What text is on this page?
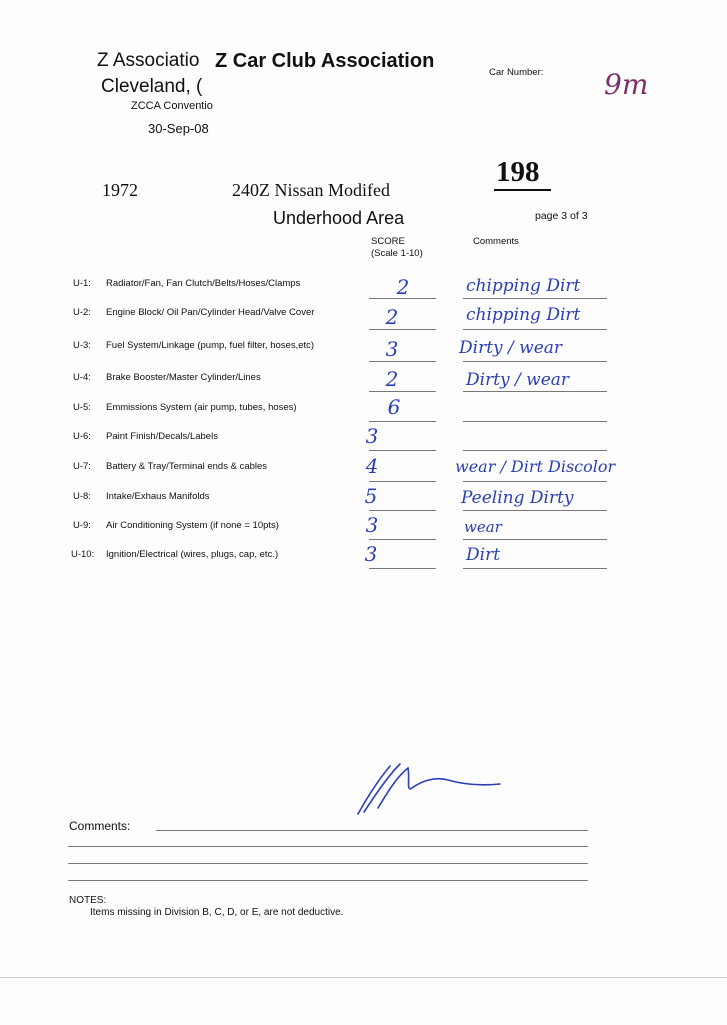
Z Associatio
Cleveland, (
ZCCA Conventio
30-Sep-08
Z Car Club Association
Car Number: 9m
1972	240Z Nissan Modifed
198
Underhood Area	page 3 of 3
SCORE
(Scale 1-10)
Comments
U-1: Radiator/Fan, Fan Clutch/Belts/Hoses/Clamps	2	chipping Dirt
U-2: Engine Block/ Oil Pan/Cylinder Head/Valve Cover	2	chipping Dirt
U-3: Fuel System/Linkage (pump, fuel filter, hoses,etc)	3	Dirty / wear
U-4: Brake Booster/Master Cylinder/Lines	2	Dirty / wear
U-5: Emmissions System (air pump, tubes, hoses)	6
U-6: Paint Finish/Decals/Labels	3
U-7: Battery & Tray/Terminal ends & cables	4	wear / Dirt Discolor
U-8: Intake/Exhaus Manifolds	5	Peeling Dirty
U-9: Air Conditioning System (if none = 10pts)	3	wear
U-10: Ignition/Electrical (wires, plugs, cap, etc.)	3	Dirt
Comments:
NOTES:
Items missing in Division B, C, D, or E, are not deductive.
